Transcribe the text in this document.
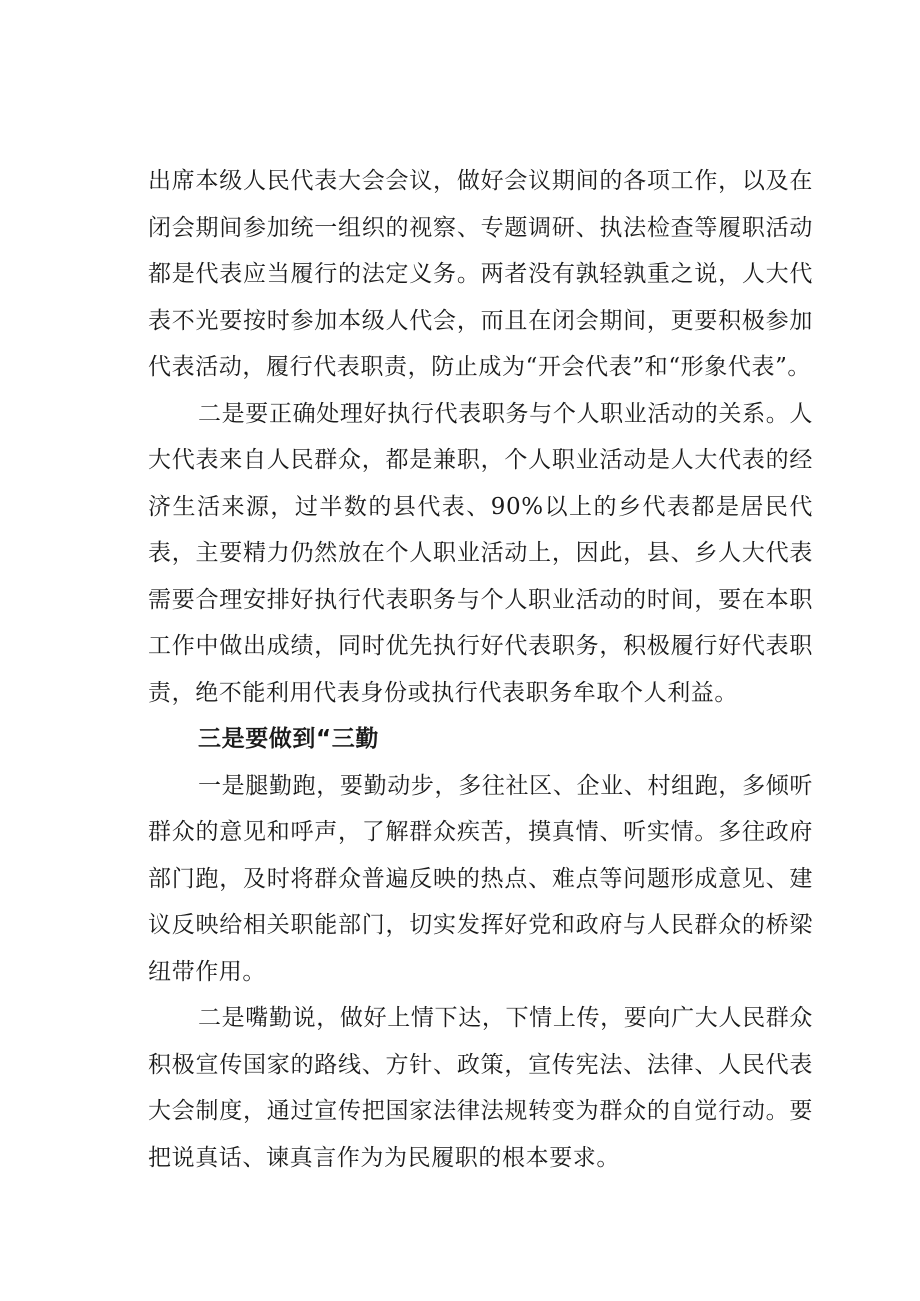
出席本级人民代表大会会议，做好会议期间的各项工作，以及在闭会期间参加统一组织的视察、专题调研、执法检查等履职活动都是代表应当履行的法定义务。两者没有孰轻孰重之说，人大代表不光要按时参加本级人代会，而且在闭会期间，更要积极参加代表活动，履行代表职责，防止成为“开会代表”和“形象代表”。

二是要正确处理好执行代表职务与个人职业活动的关系。人大代表来自人民群众，都是兼职，个人职业活动是人大代表的经济生活来源，过半数的县代表、90%以上的乡代表都是居民代表，主要精力仍然放在个人职业活动上，因此，县、乡人大代表需要合理安排好执行代表职务与个人职业活动的时间，要在本职工作中做出成绩，同时优先执行好代表职务，积极履行好代表职责，绝不能利用代表身份或执行代表职务牟取个人利益。

三是要做到“三勤

一是腿勤跑，要勤动步，多往社区、企业、村组跑，多倾听群众的意见和呼声，了解群众疾苦，摸真情、听实情。多往政府部门跑，及时将群众普遍反映的热点、难点等问题形成意见、建议反映给相关职能部门，切实发挥好党和政府与人民群众的桥梁纽带作用。

二是嘴勤说，做好上情下达，下情上传，要向广大人民群众积极宣传国家的路线、方针、政策，宣传宪法、法律、人民代表大会制度，通过宣传把国家法律法规转变为群众的自觉行动。要把说真话、谏真言作为为民履职的根本要求。
